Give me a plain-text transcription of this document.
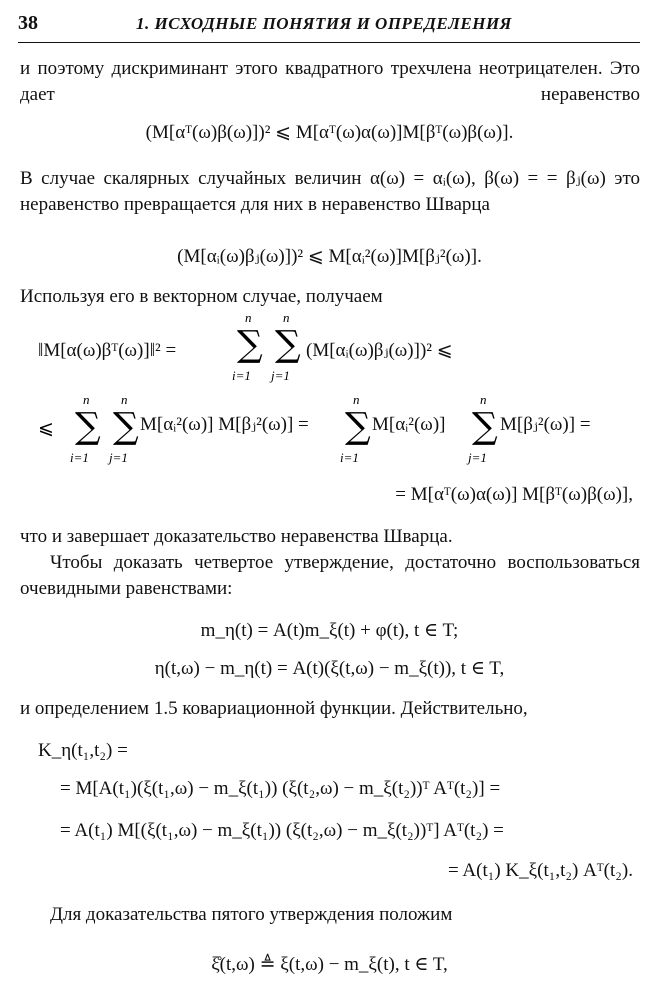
38	1. ИСХОДНЫЕ ПОНЯТИЯ И ОПРЕДЕЛЕНИЯ
и поэтому дискриминант этого квадратного трехчлена неотрицателен. Это дает неравенство
(M[αᵀ(ω)β(ω)])² ⩽ M[αᵀ(ω)α(ω)]M[βᵀ(ω)β(ω)].
В случае скалярных случайных величин α(ω) = αᵢ(ω), β(ω) = = βⱼ(ω) это неравенство превращается для них в неравенство Шварца
(M[αᵢ(ω)βⱼ(ω)])² ⩽ M[αᵢ²(ω)]M[βⱼ²(ω)].
Используя его в векторном случае, получаем
‖M[α(ω)βᵀ(ω)]‖² =
n
∑
i=1
n
∑
j=1
(M[αᵢ(ω)βⱼ(ω)])² ⩽
⩽
n
∑
i=1
n
∑
j=1
n
∑
i=1
n
∑
j=1
M[αᵢ²(ω)] M[βⱼ²(ω)] =	M[αᵢ²(ω)]	M[βⱼ²(ω)] =
= M[αᵀ(ω)α(ω)] M[βᵀ(ω)β(ω)],
что и завершает доказательство неравенства Шварца.
Чтобы доказать четвертое утверждение, достаточно воспользоваться очевидными равенствами:
m_η(t) = A(t)m_ξ(t) + φ(t), t ∈ T;
η(t,ω) − m_η(t) = A(t)(ξ(t,ω) − m_ξ(t)), t ∈ T,
и определением 1.5 ковариационной функции. Действительно,
K_η(t₁,t₂) =
= M[A(t₁)(ξ(t₁,ω) − m_ξ(t₁)) (ξ(t₂,ω) − m_ξ(t₂))ᵀ Aᵀ(t₂)] =
= A(t₁) M[(ξ(t₁,ω) − m_ξ(t₁)) (ξ(t₂,ω) − m_ξ(t₂))ᵀ] Aᵀ(t₂) =
= A(t₁) K_ξ(t₁,t₂) Aᵀ(t₂).
Для доказательства пятого утверждения положим
ξ̊(t,ω) ≜ ξ(t,ω) − m_ξ(t), t ∈ T,
